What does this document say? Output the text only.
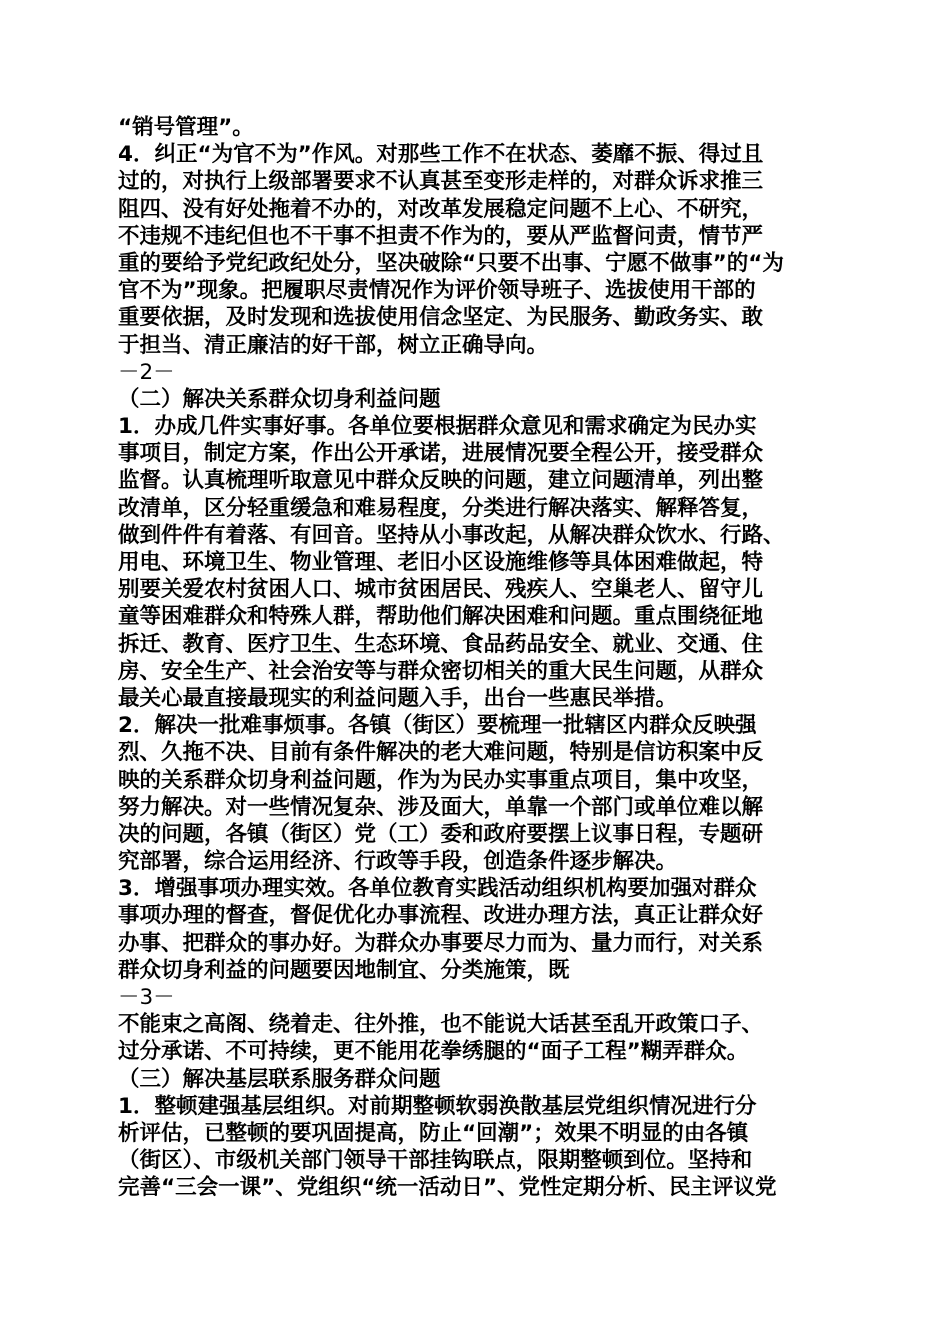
“销号管理”。
4．纠正“为官不为”作风。对那些工作不在状态、萎靡不振、得过且
过的，对执行上级部署要求不认真甚至变形走样的，对群众诉求推三
阻四、没有好处拖着不办的，对改革发展稳定问题不上心、不研究，
不违规不违纪但也不干事不担责不作为的，要从严监督问责，情节严
重的要给予党纪政纪处分，坚决破除“只要不出事、宁愿不做事”的“为
官不为”现象。把履职尽责情况作为评价领导班子、选拔使用干部的
重要依据，及时发现和选拔使用信念坚定、为民服务、勤政务实、敢
于担当、清正廉洁的好干部，树立正确导向。
－2－
（二）解决关系群众切身利益问题
1．办成几件实事好事。各单位要根据群众意见和需求确定为民办实
事项目，制定方案，作出公开承诺，进展情况要全程公开，接受群众
监督。认真梳理听取意见中群众反映的问题，建立问题清单，列出整
改清单，区分轻重缓急和难易程度，分类进行解决落实、解释答复，
做到件件有着落、有回音。坚持从小事改起，从解决群众饮水、行路、
用电、环境卫生、物业管理、老旧小区设施维修等具体困难做起，特
别要关爱农村贫困人口、城市贫困居民、残疾人、空巢老人、留守儿
童等困难群众和特殊人群，帮助他们解决困难和问题。重点围绕征地
拆迁、教育、医疗卫生、生态环境、食品药品安全、就业、交通、住
房、安全生产、社会治安等与群众密切相关的重大民生问题，从群众
最关心最直接最现实的利益问题入手，出台一些惠民举措。
2．解决一批难事烦事。各镇（街区）要梳理一批辖区内群众反映强
烈、久拖不决、目前有条件解决的老大难问题，特别是信访积案中反
映的关系群众切身利益问题，作为为民办实事重点项目，集中攻坚，
努力解决。对一些情况复杂、涉及面大，单靠一个部门或单位难以解
决的问题，各镇（街区）党（工）委和政府要摆上议事日程，专题研
究部署，综合运用经济、行政等手段，创造条件逐步解决。
3．增强事项办理实效。各单位教育实践活动组织机构要加强对群众
事项办理的督查，督促优化办事流程、改进办理方法，真正让群众好
办事、把群众的事办好。为群众办事要尽力而为、量力而行，对关系
群众切身利益的问题要因地制宜、分类施策，既
－3－
不能束之高阁、绕着走、往外推，也不能说大话甚至乱开政策口子、
过分承诺、不可持续，更不能用花拳绣腿的“面子工程”糊弄群众。
（三）解决基层联系服务群众问题
1．整顿建强基层组织。对前期整顿软弱涣散基层党组织情况进行分
析评估，已整顿的要巩固提高，防止“回潮”；效果不明显的由各镇
（街区）、市级机关部门领导干部挂钩联点，限期整顿到位。坚持和
完善“三会一课”、党组织“统一活动日”、党性定期分析、民主评议党
